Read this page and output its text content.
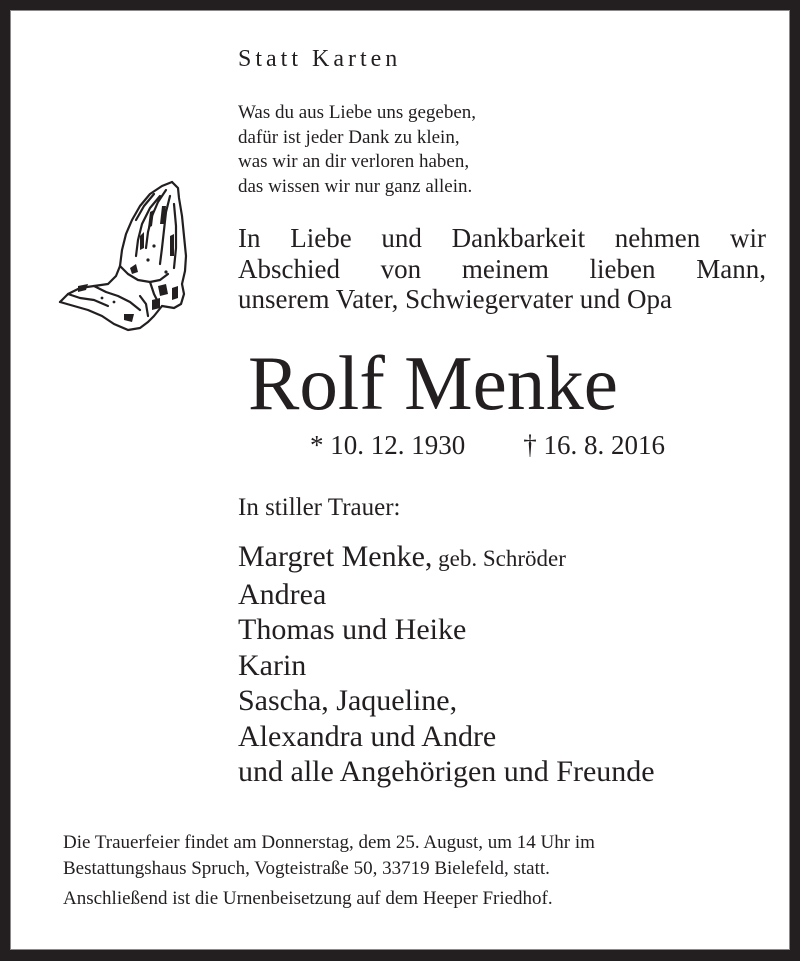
Statt Karten
Was du aus Liebe uns gegeben,
dafür ist jeder Dank zu klein,
was wir an dir verloren haben,
das wissen wir nur ganz allein.
In Liebe und Dankbarkeit nehmen wir
Abschied von meinem lieben Mann,
unserem Vater, Schwiegervater und Opa
Rolf Menke
* 10. 12. 1930 † 16. 8. 2016
In stiller Trauer:
Margret Menke, geb. Schröder
Andrea
Thomas und Heike
Karin
Sascha, Jaqueline,
Alexandra und Andre
und alle Angehörigen und Freunde
Die Trauerfeier findet am Donnerstag, dem 25. August, um 14 Uhr im
Bestattungshaus Spruch, Vogteistraße 50, 33719 Bielefeld, statt.
Anschließend ist die Urnenbeisetzung auf dem Heeper Friedhof.
